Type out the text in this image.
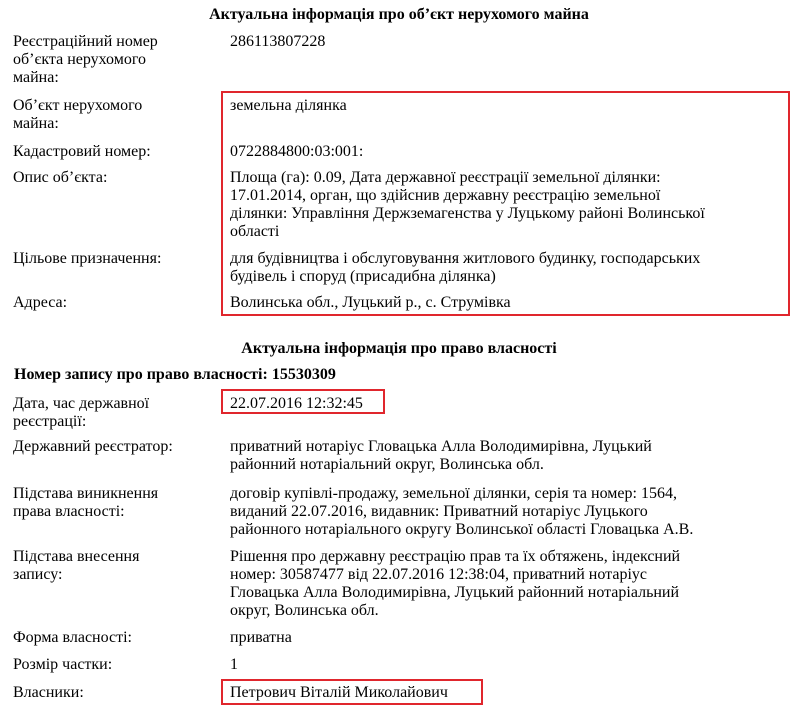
Актуальна інформація про об’єкт нерухомого майна
Реєстраційний номер
об’єкта нерухомого
майна:
286113807228
Об’єкт нерухомого
майна:
земельна ділянка
Кадастровий номер:	0722884800:03:001:
Опис об’єкта:	Площа (га): 0.09, Дата державної реєстрації земельної ділянки:
17.01.2014, орган, що здійснив державну реєстрацію земельної
ділянки: Управління Держземагенства у Луцькому районі Волинської
області
Цільове призначення:	для будівництва і обслуговування житлового будинку, господарських
будівель і споруд (присадибна ділянка)
Адреса:	Волинська обл., Луцький р., с. Струмівка
Актуальна інформація про право власності
Номер запису про право власності: 15530309
Дата, час державної
реєстрації:
22.07.2016 12:32:45
Державний реєстратор:	приватний нотаріус Гловацька Алла Володимирівна, Луцький
районний нотаріальний округ, Волинська обл.
Підстава виникнення
права власності:
договір купівлі-продажу, земельної ділянки, серія та номер: 1564,
виданий 22.07.2016, видавник: Приватний нотаріус Луцького
районного нотаріального округу Волинської області Гловацька А.В.
Підстава внесення
запису:
Рішення про державну реєстрацію прав та їх обтяжень, індексний
номер: 30587477 від 22.07.2016 12:38:04, приватний нотаріус
Гловацька Алла Володимирівна, Луцький районний нотаріальний
округ, Волинська обл.
Форма власності:	приватна
Розмір частки:	1
Власники:	Петрович Віталій Миколайович
